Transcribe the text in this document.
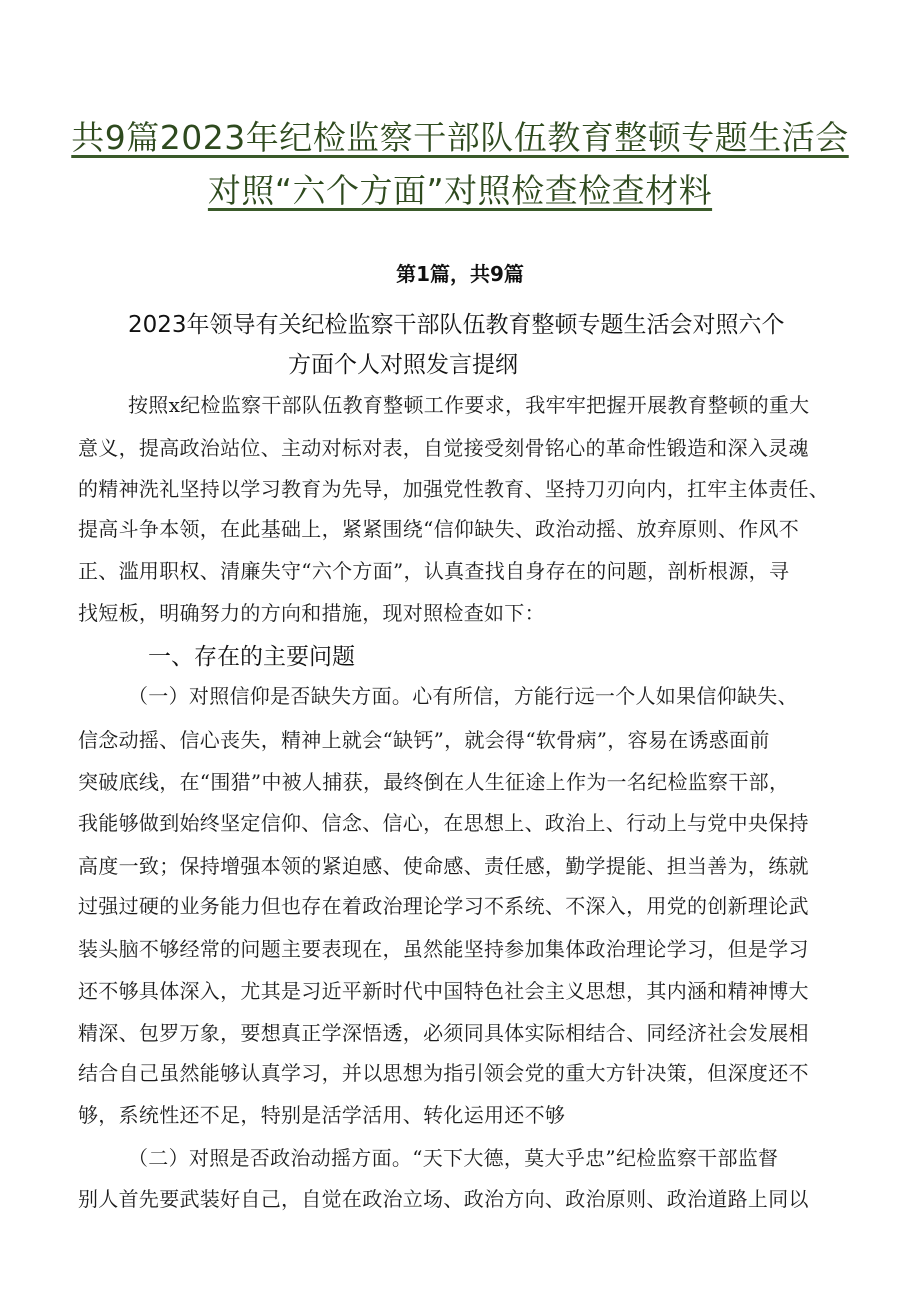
共9篇2023年纪检监察干部队伍教育整顿专题生活会
对照“六个方面”对照检查检查材料
第1篇，共9篇
2023年领导有关纪检监察干部队伍教育整顿专题生活会对照六个
方面个人对照发言提纲
按照x纪检监察干部队伍教育整顿工作要求，我牢牢把握开展教育整顿的重大
意义，提高政治站位、主动对标对表，自觉接受刻骨铭心的革命性锻造和深入灵魂
的精神洗礼坚持以学习教育为先导，加强党性教育、坚持刀刃向内，扛牢主体责任、
提高斗争本领，在此基础上，紧紧围绕“信仰缺失、政治动摇、放弃原则、作风不
正、滥用职权、清廉失守“六个方面”，认真查找自身存在的问题，剖析根源，寻
找短板，明确努力的方向和措施，现对照检查如下：
一、存在的主要问题
（一）对照信仰是否缺失方面。心有所信，方能行远一个人如果信仰缺失、
信念动摇、信心丧失，精神上就会“缺钙”，就会得“软骨病”，容易在诱惑面前
突破底线，在“围猎”中被人捕获，最终倒在人生征途上作为一名纪检监察干部，
我能够做到始终坚定信仰、信念、信心，在思想上、政治上、行动上与党中央保持
高度一致；保持增强本领的紧迫感、使命感、责任感，勤学提能、担当善为，练就
过强过硬的业务能力但也存在着政治理论学习不系统、不深入，用党的创新理论武
装头脑不够经常的问题主要表现在，虽然能坚持参加集体政治理论学习，但是学习
还不够具体深入，尤其是习近平新时代中国特色社会主义思想，其内涵和精神博大
精深、包罗万象，要想真正学深悟透，必须同具体实际相结合、同经济社会发展相
结合自己虽然能够认真学习，并以思想为指引领会党的重大方针决策，但深度还不
够，系统性还不足，特别是活学活用、转化运用还不够
（二）对照是否政治动摇方面。“天下大德，莫大乎忠”纪检监察干部监督
别人首先要武装好自己，自觉在政治立场、政治方向、政治原则、政治道路上同以
